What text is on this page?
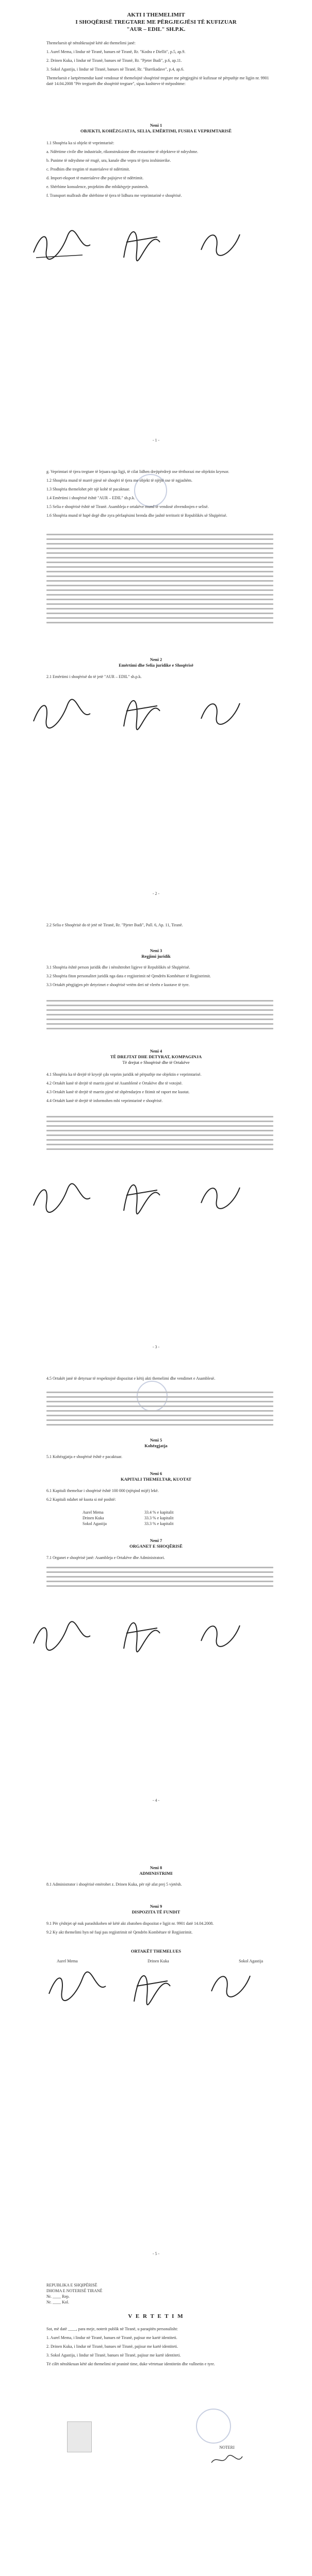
AKTI I THEMELIMIT
I SHOQËRISË TREGTARE ME PËRGJEGJËSI TË KUFIZUAR
"AUR – EDIL" SH.P.K.

Themeluesit që nënshkruajnë këtë akt themelimi janë:

1. Aurel Mema, i lindur në Tiranë, banues në Tiranë, Rr. "Kodra e Diellit", p.5, ap.9.

2. Drinen Kuka, i lindur në Tiranë, banues në Tiranë, Rr. "Pjeter Budi", p.6, ap.11.

3. Sokol Agastija, i lindur në Tiranë, banues në Tiranë, Rr. "Barrikadave", p.4, ap.6.

Themeluesit e lartpërmendur kanë vendosur të themelojnë shoqërinë tregtare me përgjegjësi të kufizuar në përputhje me ligjin nr. 9901 datë 14.04.2008 "Për tregtarët dhe shoqëritë tregtare", sipas kushteve të mëposhtme:

Neni 1
OBJEKTI, KOHËZGJATJA, SELIA, EMËRTIMI, FUSHA E VEPRIMTARISË

1.1 Shoqëria ka si objekt të veprimtarisë:

a. Ndërtime civile dhe industriale, rikonstruksione dhe restaurime të objekteve të ndryshme.

b. Punime të ndryshme në rrugë, ura, kanale dhe vepra të tjera inxhinierike.

c. Prodhim dhe tregtim të materialeve të ndërtimit.

d. Import-eksport të materialeve dhe pajisjeve të ndërtimit.

e. Shërbime konsulence, projektim dhe mbikëqyrje punimesh.

f. Transport mallrash dhe shërbime të tjera të lidhura me veprimtarinë e shoqërisë.

- 1 -

g. Veprimtari të tjera tregtare të lejuara nga ligji, të cilat lidhen drejtpërdrejt ose tërthorazi me objektin kryesor.

1.2 Shoqëria mund të marrë pjesë në shoqëri të tjera me objekt të njëjtë ose të ngjashëm.

1.3 Shoqëria themelohet për një kohë të pacaktuar.

1.4 Emërtimi i shoqërisë është "AUR – EDIL" sh.p.k.

1.5 Selia e shoqërisë është në Tiranë. Asambleja e ortakëve mund të vendosë zhvendosjen e selisë.

1.6 Shoqëria mund të hapë degë dhe zyra përfaqësimi brenda dhe jashtë territorit të Republikës së Shqipërisë.

Neni 2
Emërtimi dhe Selia juridike e Shoqërisë

2.1 Emërtimi i shoqërisë do të jetë "AUR – EDIL" sh.p.k.

- 2 -

2.2 Selia e Shoqërisë do të jetë në Tiranë, Rr. "Pjeter Budi", Pall. 6, Ap. 11, Tiranë.

Neni 3
Regjimi juridik

3.1 Shoqëria është person juridik dhe i nënshtrohet ligjeve të Republikës së Shqipërisë.

3.2 Shoqëria fiton personalitet juridik nga data e regjistrimit në Qendrën Kombëtare të Regjistrimit.

3.3 Ortakët përgjigjen për detyrimet e shoqërisë vetëm deri në vlerën e kuotave të tyre.

Neni 4
TË DREJTAT DHE DETYRAT, KOMPAGINJA
Të drejtat e Shoqërisë dhe të Ortakëve

4.1 Shoqëria ka të drejtë të kryejë çdo veprim juridik në përputhje me objektin e veprimtarisë.

4.2 Ortakët kanë të drejtë të marrin pjesë në Asamblenë e Ortakëve dhe të votojnë.

4.3 Ortakët kanë të drejtë të marrin pjesë në shpërndarjen e fitimit në raport me kuotat.

4.4 Ortakët kanë të drejtë të informohen mbi veprimtarinë e shoqërisë.

- 3 -

4.5 Ortakët janë të detyruar të respektojnë dispozitat e këtij akti themelimi dhe vendimet e Asamblesë.

Neni 5
Kohëzgjatja

5.1 Kohëzgjatja e shoqërisë është e pacaktuar.

Neni 6
KAPITALI THEMELTAR, KUOTAT

6.1 Kapitali themeltar i shoqërisë është 100 000 (njëqind mijë) lekë.

6.2 Kapitali ndahet në kuota si më poshtë:

Aurel Mema	33.4 % e kapitalit
Drinen Kuka	33.3 % e kapitalit
Sokol Agastija	33.3 % e kapitalit
Neni 7
ORGANET E SHOQËRISË

7.1 Organet e shoqërisë janë: Asambleja e Ortakëve dhe Administratori.

- 4 -
Neni 8
ADMINISTRIMI

8.1 Administrator i shoqërisë emërohet z. Drinen Kuka, për një afat prej 5 vjetësh.

Neni 9
DISPOZITA TË FUNDIT

9.1 Për çështjet që nuk parashikohen në këtë akt zbatohen dispozitat e ligjit nr. 9901 datë 14.04.2008.

9.2 Ky akt themelimi hyn në fuqi pas regjistrimit në Qendrën Kombëtare të Regjistrimit.

ORTAKËT THEMELUES
Aurel Mema	Drinen Kuka	Sokol Agastija
- 5 -
REPUBLIKA E SHQIPËRISË
DHOMA E NOTERISË TIRANË
Nr. ____ Rep.
Nr. ____ Kol.
V E R T E T I M

Sot, më datë ____, para meje, noterit publik në Tiranë, u paraqitën personalisht:

1. Aurel Mema, i lindur në Tiranë, banues në Tiranë, pajisur me kartë identiteti.

2. Drinen Kuka, i lindur në Tiranë, banues në Tiranë, pajisur me kartë identiteti.

3. Sokol Agastija, i lindur në Tiranë, banues në Tiranë, pajisur me kartë identiteti.

Të cilët nënshkruan këtë akt themelimi në praninë time, duke vërtetuar identitetin dhe vullnetin e tyre.

NOTERI
